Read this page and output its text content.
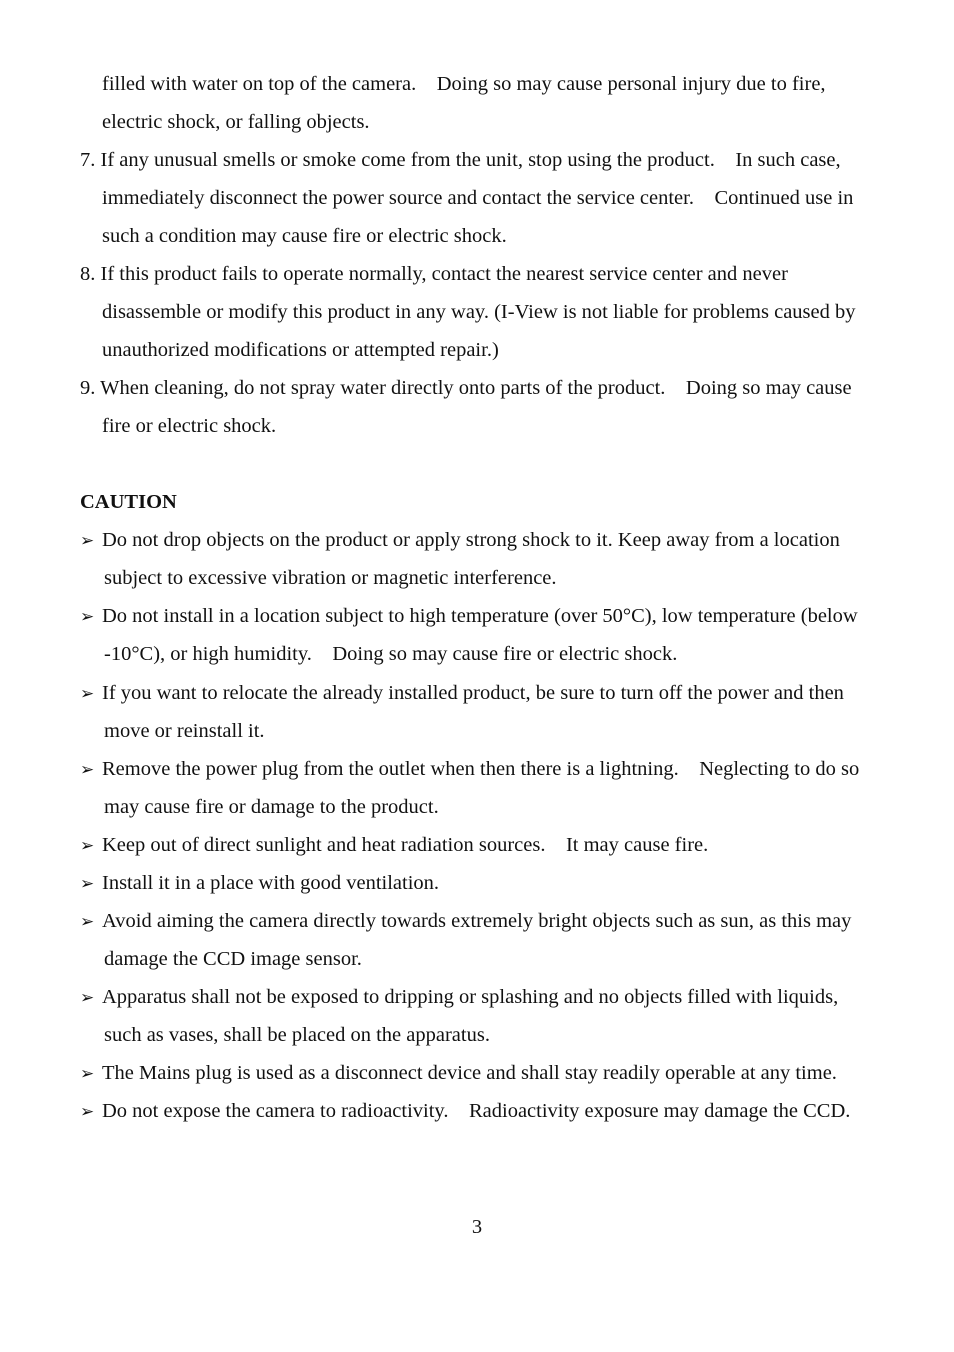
filled with water on top of the camera.    Doing so may cause personal injury due to fire,
electric shock, or falling objects.
7. If any unusual smells or smoke come from the unit, stop using the product.    In such case,
immediately disconnect the power source and contact the service center.    Continued use in
such a condition may cause fire or electric shock.
8. If this product fails to operate normally, contact the nearest service center and never
disassemble or modify this product in any way. (I-View is not liable for problems caused by
unauthorized modifications or attempted repair.)
9. When cleaning, do not spray water directly onto parts of the product.    Doing so may cause
fire or electric shock.
CAUTION
➢ Do not drop objects on the product or apply strong shock to it. Keep away from a location
subject to excessive vibration or magnetic interference.
➢ Do not install in a location subject to high temperature (over 50°C), low temperature (below
-10°C), or high humidity.    Doing so may cause fire or electric shock.
➢ If you want to relocate the already installed product, be sure to turn off the power and then
move or reinstall it.
➢ Remove the power plug from the outlet when then there is a lightning.    Neglecting to do so
may cause fire or damage to the product.
➢ Keep out of direct sunlight and heat radiation sources.    It may cause fire.
➢ Install it in a place with good ventilation.
➢ Avoid aiming the camera directly towards extremely bright objects such as sun, as this may
damage the CCD image sensor.
➢ Apparatus shall not be exposed to dripping or splashing and no objects filled with liquids,
such as vases, shall be placed on the apparatus.
➢ The Mains plug is used as a disconnect device and shall stay readily operable at any time.
➢ Do not expose the camera to radioactivity.    Radioactivity exposure may damage the CCD.
3
